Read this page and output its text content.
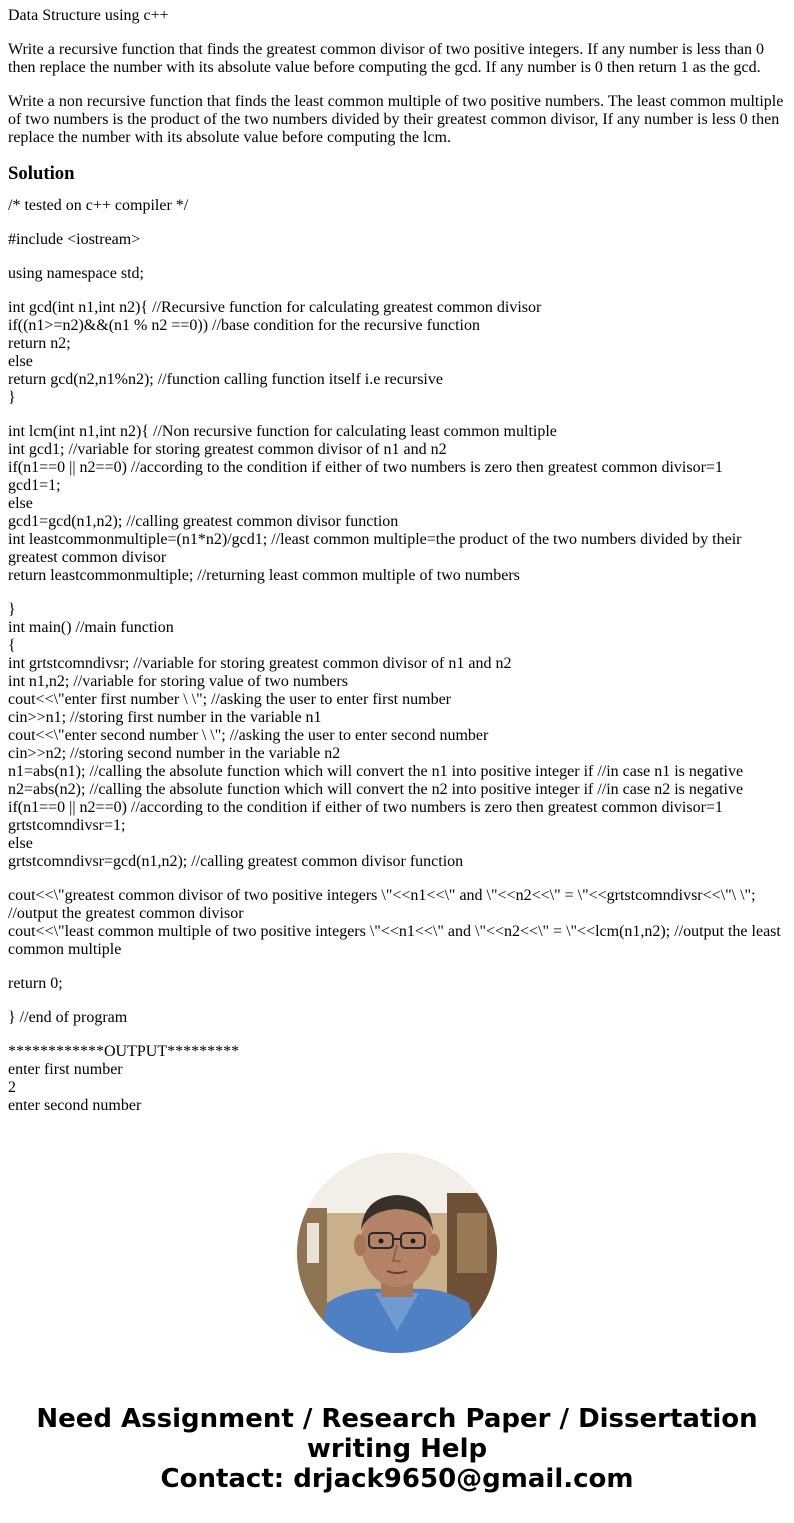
Data Structure using c++

Write a recursive function that finds the greatest common divisor of two positive integers. If any number is less than 0 then replace the number with its absolute value before computing the gcd. If any number is 0 then return 1 as the gcd.

Write a non recursive function that finds the least common multiple of two positive numbers. The least common multiple of two numbers is the product of the two numbers divided by their greatest common divisor, If any number is less 0 then replace the number with its absolute value before computing the lcm.

Solution

/* tested on c++ compiler */

#include <iostream>

using namespace std;

int gcd(int n1,int n2){ //Recursive function for calculating greatest common divisor
if((n1>=n2)&&(n1 % n2 ==0)) //base condition for the recursive function
return n2;
else
return gcd(n2,n1%n2); //function calling function itself i.e recursive
}

int lcm(int n1,int n2){ //Non recursive function for calculating least common multiple
int gcd1; //variable for storing greatest common divisor of n1 and n2
if(n1==0 || n2==0) //according to the condition if either of two numbers is zero then greatest common divisor=1
gcd1=1;
else
gcd1=gcd(n1,n2); //calling greatest common divisor function
int leastcommonmultiple=(n1*n2)/gcd1; //least common multiple=the product of the two numbers divided by their greatest common divisor
return leastcommonmultiple; //returning least common multiple of two numbers

}
int main() //main function
{
int grtstcomndivsr; //variable for storing greatest common divisor of n1 and n2
int n1,n2; //variable for storing value of two numbers
cout<<\"enter first number \ \"; //asking the user to enter first number
cin>>n1; //storing first number in the variable n1
cout<<\"enter second number \ \"; //asking the user to enter second number
cin>>n2; //storing second number in the variable n2
n1=abs(n1); //calling the absolute function which will convert the n1 into positive integer if //in case n1 is negative
n2=abs(n2); //calling the absolute function which will convert the n2 into positive integer if //in case n2 is negative
if(n1==0 || n2==0) //according to the condition if either of two numbers is zero then greatest common divisor=1
grtstcomndivsr=1;
else
grtstcomndivsr=gcd(n1,n2); //calling greatest common divisor function

cout<<\"greatest common divisor of two positive integers \"<<n1<<\" and \"<<n2<<\" = \"<<grtstcomndivsr<<\"\ \"; //output the greatest common divisor
cout<<\"least common multiple of two positive integers \"<<n1<<\" and \"<<n2<<\" = \"<<lcm(n1,n2); //output the least common multiple

return 0;

} //end of program

************OUTPUT*********
enter first number
2
enter second number

Need Assignment / Research Paper / Dissertation
writing Help
Contact: drjack9650@gmail.com
